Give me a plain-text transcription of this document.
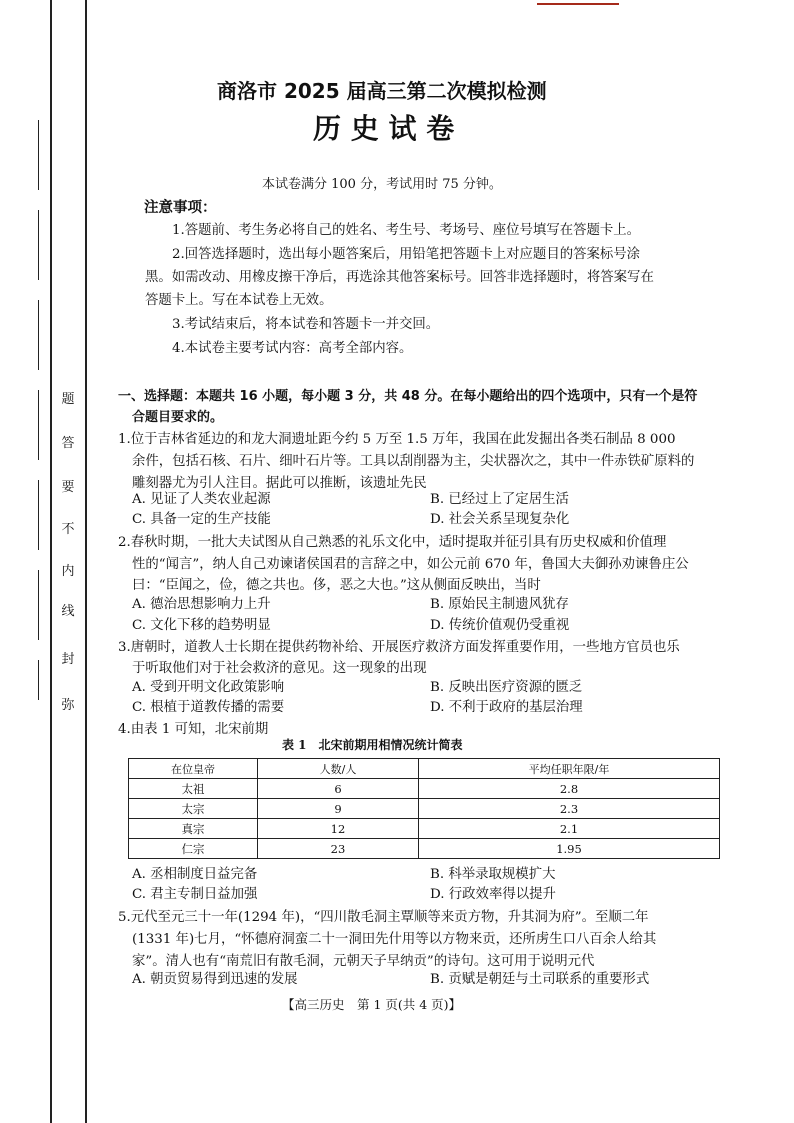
题
答
要
不
内
线
封
弥
商洛市 2025 届高三第二次模拟检测
历 史 试 卷
本试卷满分 100 分，考试用时 75 分钟。
注意事项：
1.答题前、考生务必将自己的姓名、考生号、考场号、座位号填写在答题卡上。
2.回答选择题时，选出每小题答案后，用铅笔把答题卡上对应题目的答案标号涂
黑。如需改动、用橡皮擦干净后，再选涂其他答案标号。回答非选择题时，将答案写在
答题卡上。写在本试卷上无效。
3.考试结束后，将本试卷和答题卡一并交回。
4.本试卷主要考试内容：高考全部内容。
一、选择题：本题共 16 小题，每小题 3 分，共 48 分。在每小题给出的四个选项中，只有一个是符
合题目要求的。
1.位于吉林省延边的和龙大洞遗址距今约 5 万至 1.5 万年，我国在此发掘出各类石制品 8 000
余件，包括石核、石片、细叶石片等。工具以刮削器为主，尖状器次之，其中一件赤铁矿原料的
雕刻器尤为引人注目。据此可以推断，该遗址先民
A. 见证了人类农业起源	B. 已经过上了定居生活
C. 具备一定的生产技能	D. 社会关系呈现复杂化
2.春秋时期，一批大夫试图从自己熟悉的礼乐文化中，适时提取并征引具有历史权威和价值理
性的“闻言”，纳人自己劝谏诸侯国君的言辞之中，如公元前 670 年，鲁国大夫御孙劝谏鲁庄公
曰：“臣闻之，俭，德之共也。侈，恶之大也。”这从侧面反映出，当时
A. 德治思想影响力上升	B. 原始民主制遗风犹存
C. 文化下移的趋势明显	D. 传统价值观仍受重视
3.唐朝时，道教人士长期在提供药物补给、开展医疗救济方面发挥重要作用，一些地方官员也乐
于听取他们对于社会救济的意见。这一现象的出现
A. 受到开明文化政策影响	B. 反映出医疗资源的匮乏
C. 根植于道教传播的需要	D. 不利于政府的基层治理
4.由表 1 可知，北宋前期
表 1　北宋前期用相情况统计简表
在位皇帝	人数/人	平均任职年限/年
太祖	6	2.8
太宗	9	2.3
真宗	12	2.1
仁宗	23	1.95
A. 丞相制度日益完备	B. 科举录取规模扩大
C. 君主专制日益加强	D. 行政效率得以提升
5.元代至元三十一年(1294 年)，“四川散毛洞主覃顺等来贡方物，升其洞为府”。至顺二年
(1331 年)七月，“怀德府洞蛮二十一洞田先什用等以方物来贡，还所虏生口八百余人给其
家”。清人也有“南荒旧有散毛洞，元朝天子早纳贡”的诗句。这可用于说明元代
A. 朝贡贸易得到迅速的发展	B. 贡赋是朝廷与土司联系的重要形式
【高三历史　第 1 页(共 4 页)】
